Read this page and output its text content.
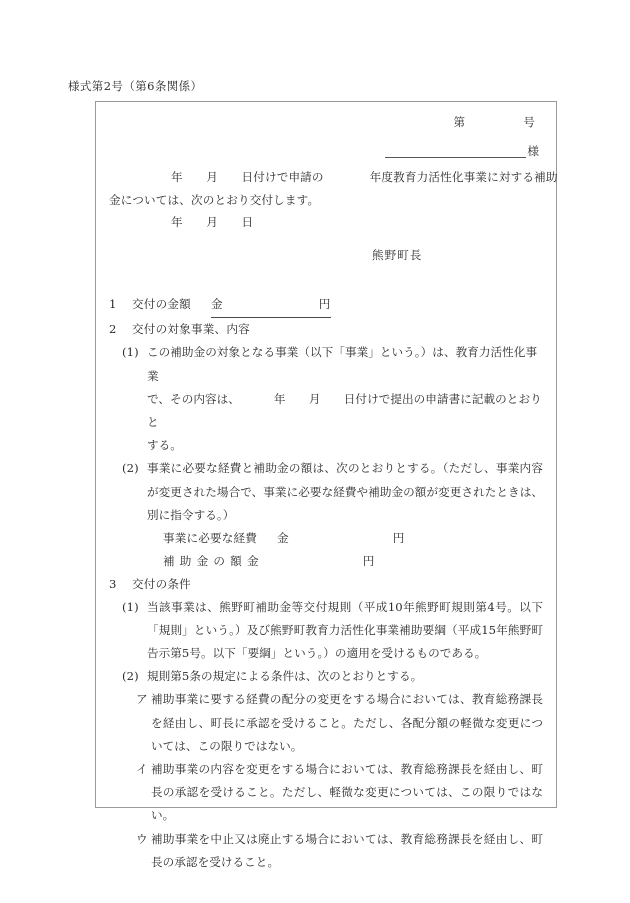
様式第2号（第6条関係）
第	号
様
年　　月　　日付けで申請の	年度教育力活性化事業に対する補助
金については、次のとおり交付します。
年　　月　　日
熊野町長
1 交付の金額 金	円
2 交付の対象事業、内容
(1) この補助金の対象となる事業（以下「事業」という。）は、教育力活性化事業
で、その内容は、	年　　月　　日付けで提出の申請書に記載のとおりと
する。
(2) 事業に必要な経費と補助金の額は、次のとおりとする。（ただし、事業内容が変更された場合で、事業に必要な経費や補助金の額が変更されたときは、別に指令する。）
事業に必要な経費 金	円
補助金の額金	円
3 交付の条件
(1) 当該事業は、熊野町補助金等交付規則（平成10年熊野町規則第4号。以下「規則」という。）及び熊野町教育力活性化事業補助要綱（平成15年熊野町告示第5号。以下「要綱」という。）の適用を受けるものである。
(2) 規則第5条の規定による条件は、次のとおりとする。
ア 補助事業に要する経費の配分の変更をする場合においては、教育総務課長を経由し、町長に承認を受けること。ただし、各配分額の軽微な変更については、この限りではない。
イ 補助事業の内容を変更をする場合においては、教育総務課長を経由し、町長の承認を受けること。ただし、軽微な変更については、この限りではない。
ウ 補助事業を中止又は廃止する場合においては、教育総務課長を経由し、町長の承認を受けること。
